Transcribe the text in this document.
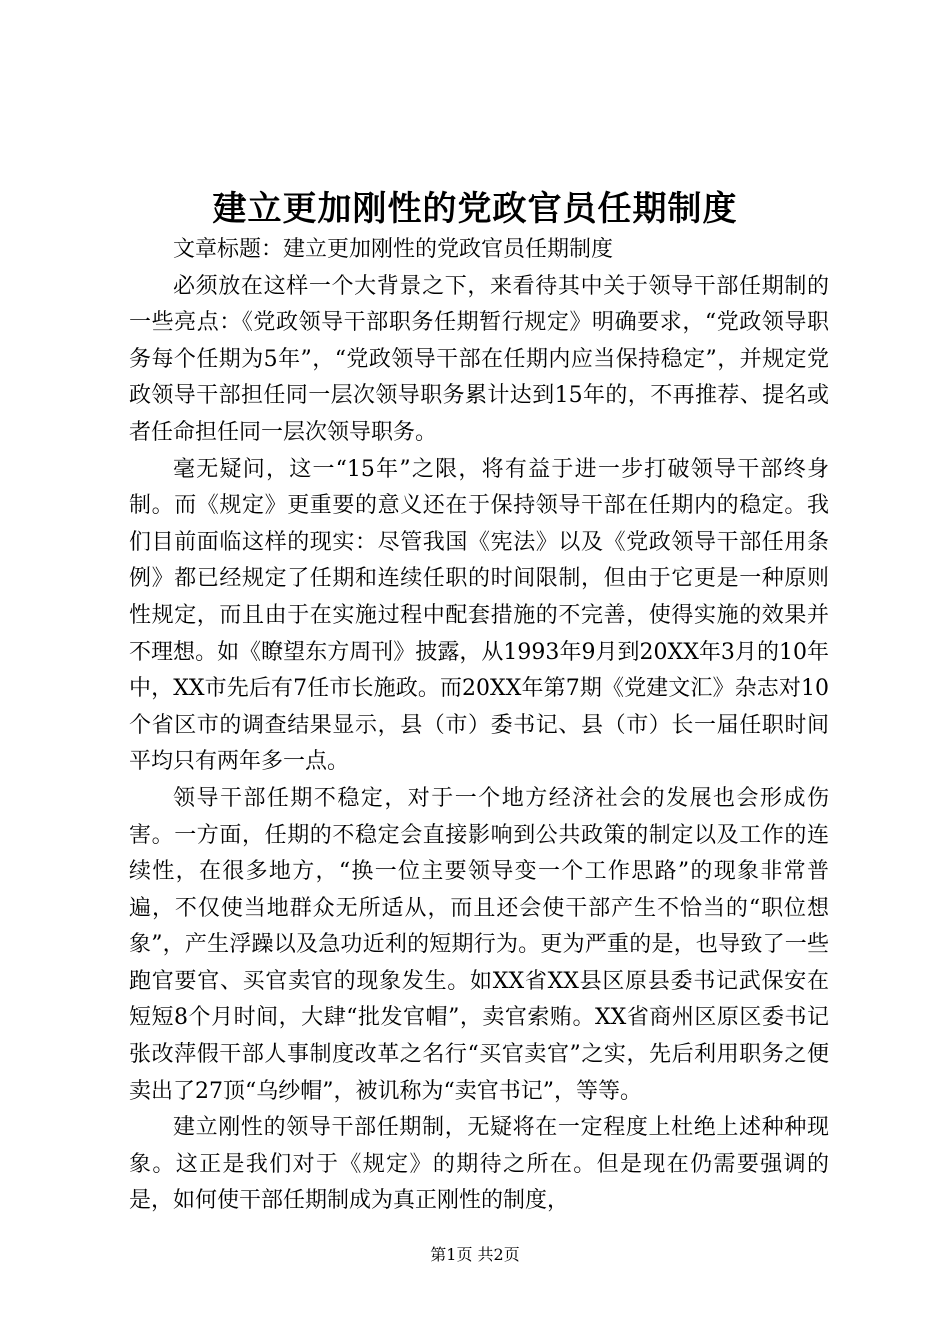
建立更加刚性的党政官员任期制度

文章标题：建立更加刚性的党政官员任期制度

必须放在这样一个大背景之下，来看待其中关于领导干部任期制的一些亮点：《党政领导干部职务任期暂行规定》明确要求，“党政领导职务每个任期为5年”，“党政领导干部在任期内应当保持稳定”，并规定党政领导干部担任同一层次领导职务累计达到15年的，不再推荐、提名或者任命担任同一层次领导职务。

毫无疑问，这一“15年”之限，将有益于进一步打破领导干部终身制。而《规定》更重要的意义还在于保持领导干部在任期内的稳定。我们目前面临这样的现实：尽管我国《宪法》以及《党政领导干部任用条例》都已经规定了任期和连续任职的时间限制，但由于它更是一种原则性规定，而且由于在实施过程中配套措施的不完善，使得实施的效果并不理想。如《瞭望东方周刊》披露，从1993年9月到20XX年3月的10年中，XX市先后有7任市长施政。而20XX年第7期《党建文汇》杂志对10个省区市的调查结果显示，县（市）委书记、县（市）长一届任职时间平均只有两年多一点。

领导干部任期不稳定，对于一个地方经济社会的发展也会形成伤害。一方面，任期的不稳定会直接影响到公共政策的制定以及工作的连续性，在很多地方，“换一位主要领导变一个工作思路”的现象非常普遍，不仅使当地群众无所适从，而且还会使干部产生不恰当的“职位想象”，产生浮躁以及急功近利的短期行为。更为严重的是，也导致了一些跑官要官、买官卖官的现象发生。如XX省XX县区原县委书记武保安在短短8个月时间，大肆“批发官帽”，卖官索贿。XX省商州区原区委书记张改萍假干部人事制度改革之名行“买官卖官”之实，先后利用职务之便卖出了27顶“乌纱帽”，被讥称为“卖官书记”，等等。

建立刚性的领导干部任期制，无疑将在一定程度上杜绝上述种种现象。这正是我们对于《规定》的期待之所在。但是现在仍需要强调的是，如何使干部任期制成为真正刚性的制度，

第1页 共2页
